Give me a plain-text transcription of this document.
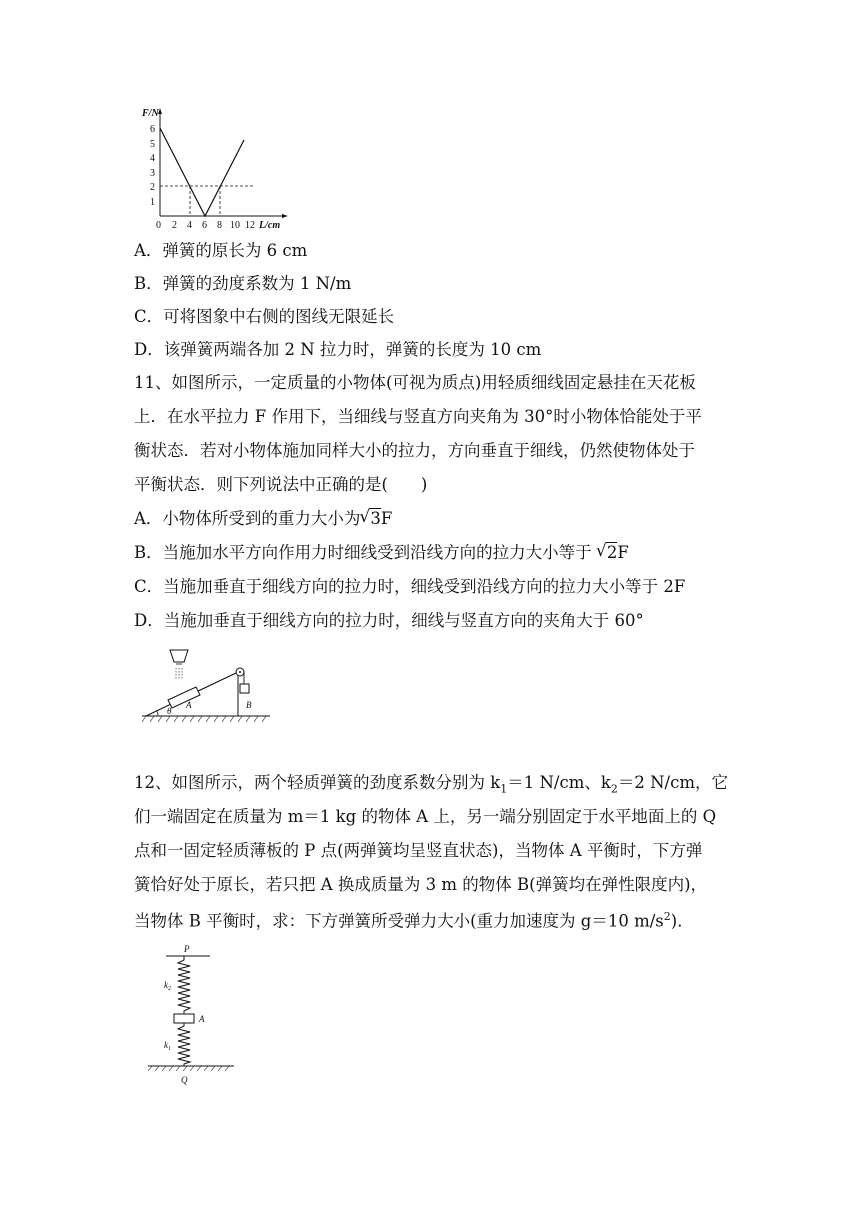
1
2
3
4
5
6
F/N
0 2 4 6 8 10 12 L/cm
A．弹簧的原长为 6 cm
B．弹簧的劲度系数为 1 N/m
C．可将图象中右侧的图线无限延长
D．该弹簧两端各加 2 N 拉力时，弹簧的长度为 10 cm
11、如图所示，一定质量的小物体(可视为质点)用轻质细线固定悬挂在天花板
上．在水平拉力 F 作用下，当细线与竖直方向夹角为 30°时小物体恰能处于平
衡状态．若对小物体施加同样大小的拉力，方向垂直于细线，仍然使物体处于
平衡状态．则下列说法中正确的是(　　)
A．小物体所受到的重力大小为 √ 3F
B．当施加水平方向作用力时细线受到沿线方向的拉力大小等于 √ 2F
C．当施加垂直于细线方向的拉力时，细线受到沿线方向的拉力大小等于 2F
D．当施加垂直于细线方向的拉力时，细线与竖直方向的夹角大于 60°
θ
A	B
12、如图所示，两个轻质弹簧的劲度系数分别为 $k_1=1$ N/cm、$k_2=2$ N/cm，它
们一端固定在质量为 m＝1 kg 的物体 A 上，另一端分别固定于水平地面上的 Q
点和一固定轻质薄板的 P 点(两弹簧均呈竖直状态)，当物体 A 平衡时，下方弹
簧恰好处于原长，若只把 A 换成质量为 3 m 的物体 B(弹簧均在弹性限度内)，
当物体 B 平衡时，求：下方弹簧所受弹力大小(重力加速度为 g＝10 $m/s^2$)．
P
$k_2$
A
$k_1$
Q
